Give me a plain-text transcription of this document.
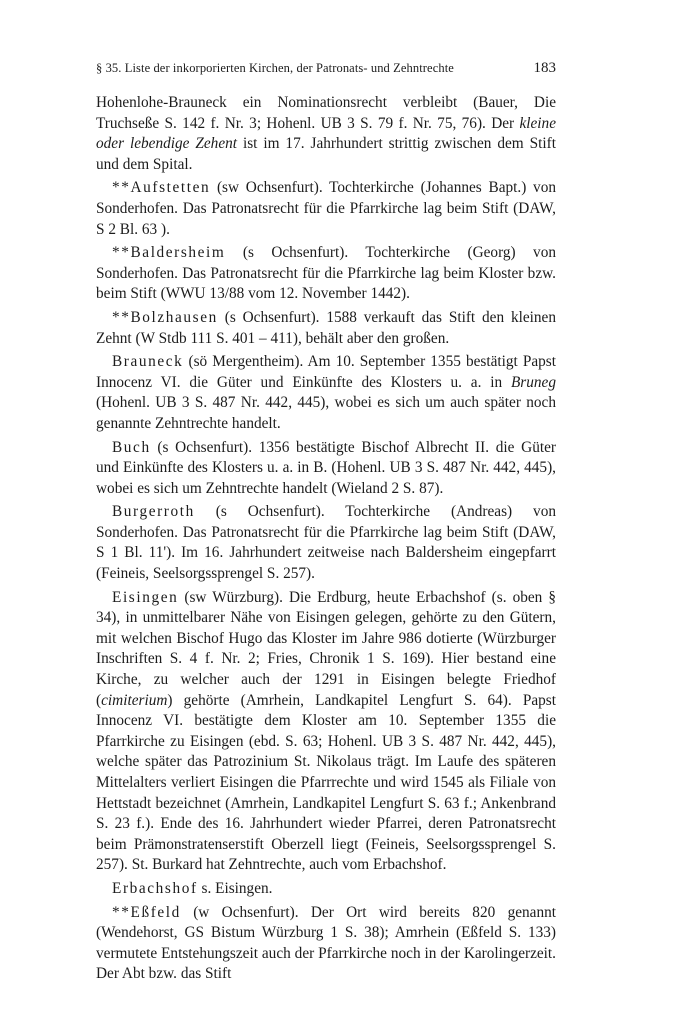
§ 35. Liste der inkorporierten Kirchen, der Patronats- und Zehntrechte	183

Hohenlohe-Brauneck ein Nominationsrecht verbleibt (Bauer, Die Truchseße S. 142 f. Nr. 3; Hohenl. UB 3 S. 79 f. Nr. 75, 76). Der kleine oder lebendige Zehent ist im 17. Jahrhundert strittig zwischen dem Stift und dem Spital.

**Aufstetten (sw Ochsenfurt). Tochterkirche (Johannes Bapt.) von Sonderhofen. Das Patronatsrecht für die Pfarrkirche lag beim Stift (DAW, S 2 Bl. 63 ).

**Baldersheim (s Ochsenfurt). Tochterkirche (Georg) von Sonderhofen. Das Patronatsrecht für die Pfarrkirche lag beim Kloster bzw. beim Stift (WWU 13/88 vom 12. November 1442).

**Bolzhausen (s Ochsenfurt). 1588 verkauft das Stift den kleinen Zehnt (W Stdb 111 S. 401 – 411), behält aber den großen.

Brauneck (sö Mergentheim). Am 10. September 1355 bestätigt Papst Innocenz VI. die Güter und Einkünfte des Klosters u. a. in Bruneg (Hohenl. UB 3 S. 487 Nr. 442, 445), wobei es sich um auch später noch genannte Zehntrechte handelt.

Buch (s Ochsenfurt). 1356 bestätigte Bischof Albrecht II. die Güter und Einkünfte des Klosters u. a. in B. (Hohenl. UB 3 S. 487 Nr. 442, 445), wobei es sich um Zehntrechte handelt (Wieland 2 S. 87).

Burgerroth (s Ochsenfurt). Tochterkirche (Andreas) von Sonderhofen. Das Patronatsrecht für die Pfarrkirche lag beim Stift (DAW, S 1 Bl. 11'). Im 16. Jahrhundert zeitweise nach Baldersheim eingepfarrt (Feineis, Seelsorgssprengel S. 257).

Eisingen (sw Würzburg). Die Erdburg, heute Erbachshof (s. oben § 34), in unmittelbarer Nähe von Eisingen gelegen, gehörte zu den Gütern, mit welchen Bischof Hugo das Kloster im Jahre 986 dotierte (Würzburger Inschriften S. 4 f. Nr. 2; Fries, Chronik 1 S. 169). Hier bestand eine Kirche, zu welcher auch der 1291 in Eisingen belegte Friedhof (cimiterium) gehörte (Amrhein, Landkapitel Lengfurt S. 64). Papst Innocenz VI. bestätigte dem Kloster am 10. September 1355 die Pfarrkirche zu Eisingen (ebd. S. 63; Hohenl. UB 3 S. 487 Nr. 442, 445), welche später das Patrozinium St. Nikolaus trägt. Im Laufe des späteren Mittelalters verliert Eisingen die Pfarrrechte und wird 1545 als Filiale von Hettstadt bezeichnet (Amrhein, Landkapitel Lengfurt S. 63 f.; Ankenbrand S. 23 f.). Ende des 16. Jahrhundert wieder Pfarrei, deren Patronatsrecht beim Prämonstratenserstift Oberzell liegt (Feineis, Seelsorgssprengel S. 257). St. Burkard hat Zehntrechte, auch vom Erbachshof.

Erbachshof s. Eisingen.

**Eßfeld (w Ochsenfurt). Der Ort wird bereits 820 genannt (Wendehorst, GS Bistum Würzburg 1 S. 38); Amrhein (Eßfeld S. 133) vermutete Entstehungszeit auch der Pfarrkirche noch in der Karolingerzeit. Der Abt bzw. das Stift
